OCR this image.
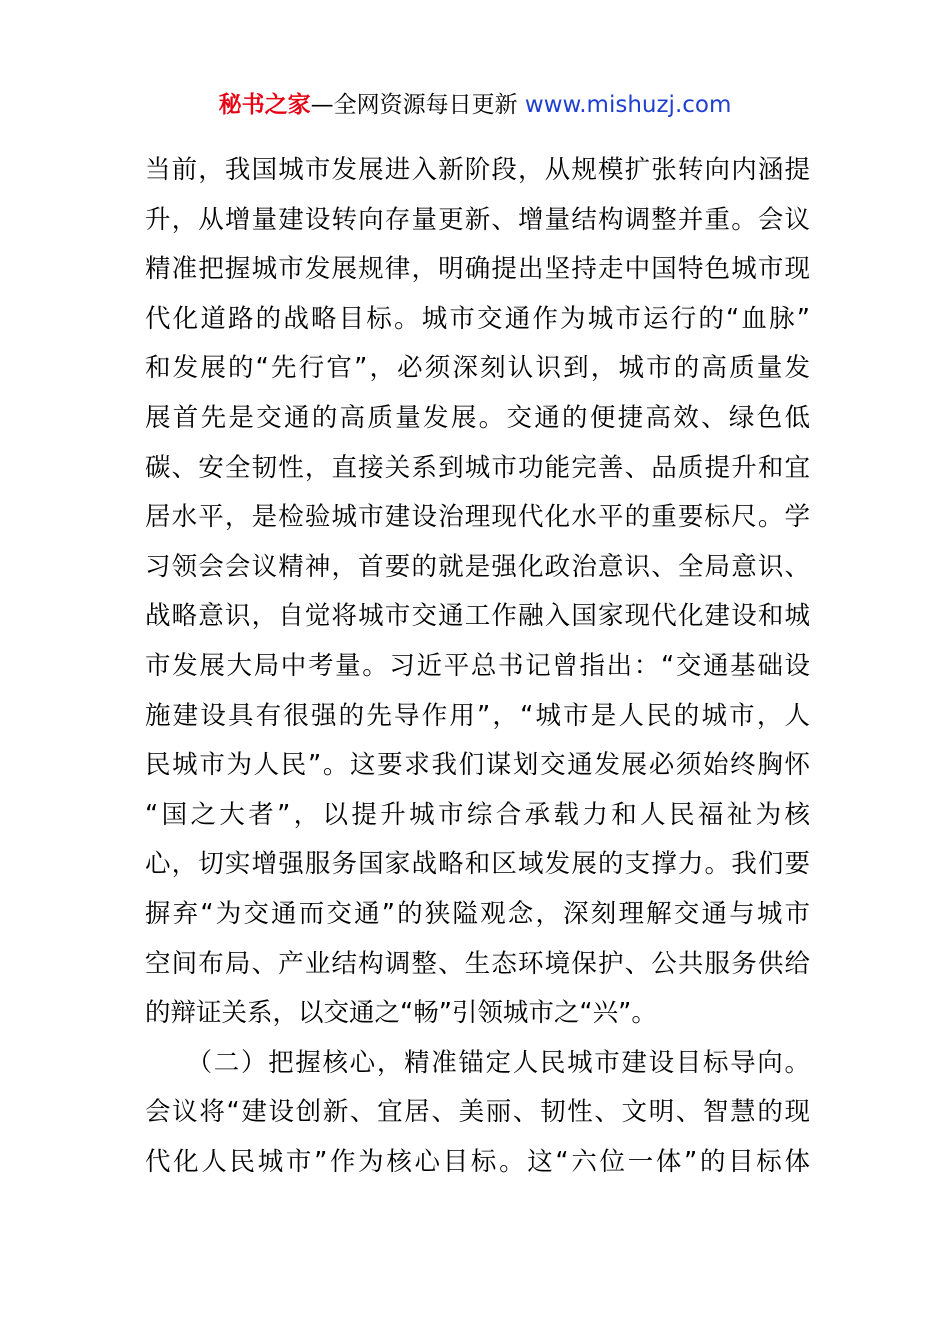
秘书之家—全网资源每日更新 www.mishuzj.com
当前，我国城市发展进入新阶段，从规模扩张转向内涵提
升，从增量建设转向存量更新、增量结构调整并重。会议
精准把握城市发展规律，明确提出坚持走中国特色城市现
代化道路的战略目标。城市交通作为城市运行的“血脉”
和发展的“先行官”，必须深刻认识到，城市的高质量发
展首先是交通的高质量发展。交通的便捷高效、绿色低
碳、安全韧性，直接关系到城市功能完善、品质提升和宜
居水平，是检验城市建设治理现代化水平的重要标尺。学
习领会会议精神，首要的就是强化政治意识、全局意识、
战略意识，自觉将城市交通工作融入国家现代化建设和城
市发展大局中考量。习近平总书记曾指出：“交通基础设
施建设具有很强的先导作用”，“城市是人民的城市，人
民城市为人民”。这要求我们谋划交通发展必须始终胸怀
“国之大者”，以提升城市综合承载力和人民福祉为核
心，切实增强服务国家战略和区域发展的支撑力。我们要
摒弃“为交通而交通”的狭隘观念，深刻理解交通与城市
空间布局、产业结构调整、生态环境保护、公共服务供给
的辩证关系，以交通之“畅”引领城市之“兴”。
　　（二）把握核心，精准锚定人民城市建设目标导向。
会议将“建设创新、宜居、美丽、韧性、文明、智慧的现
代化人民城市”作为核心目标。这“六位一体”的目标体
